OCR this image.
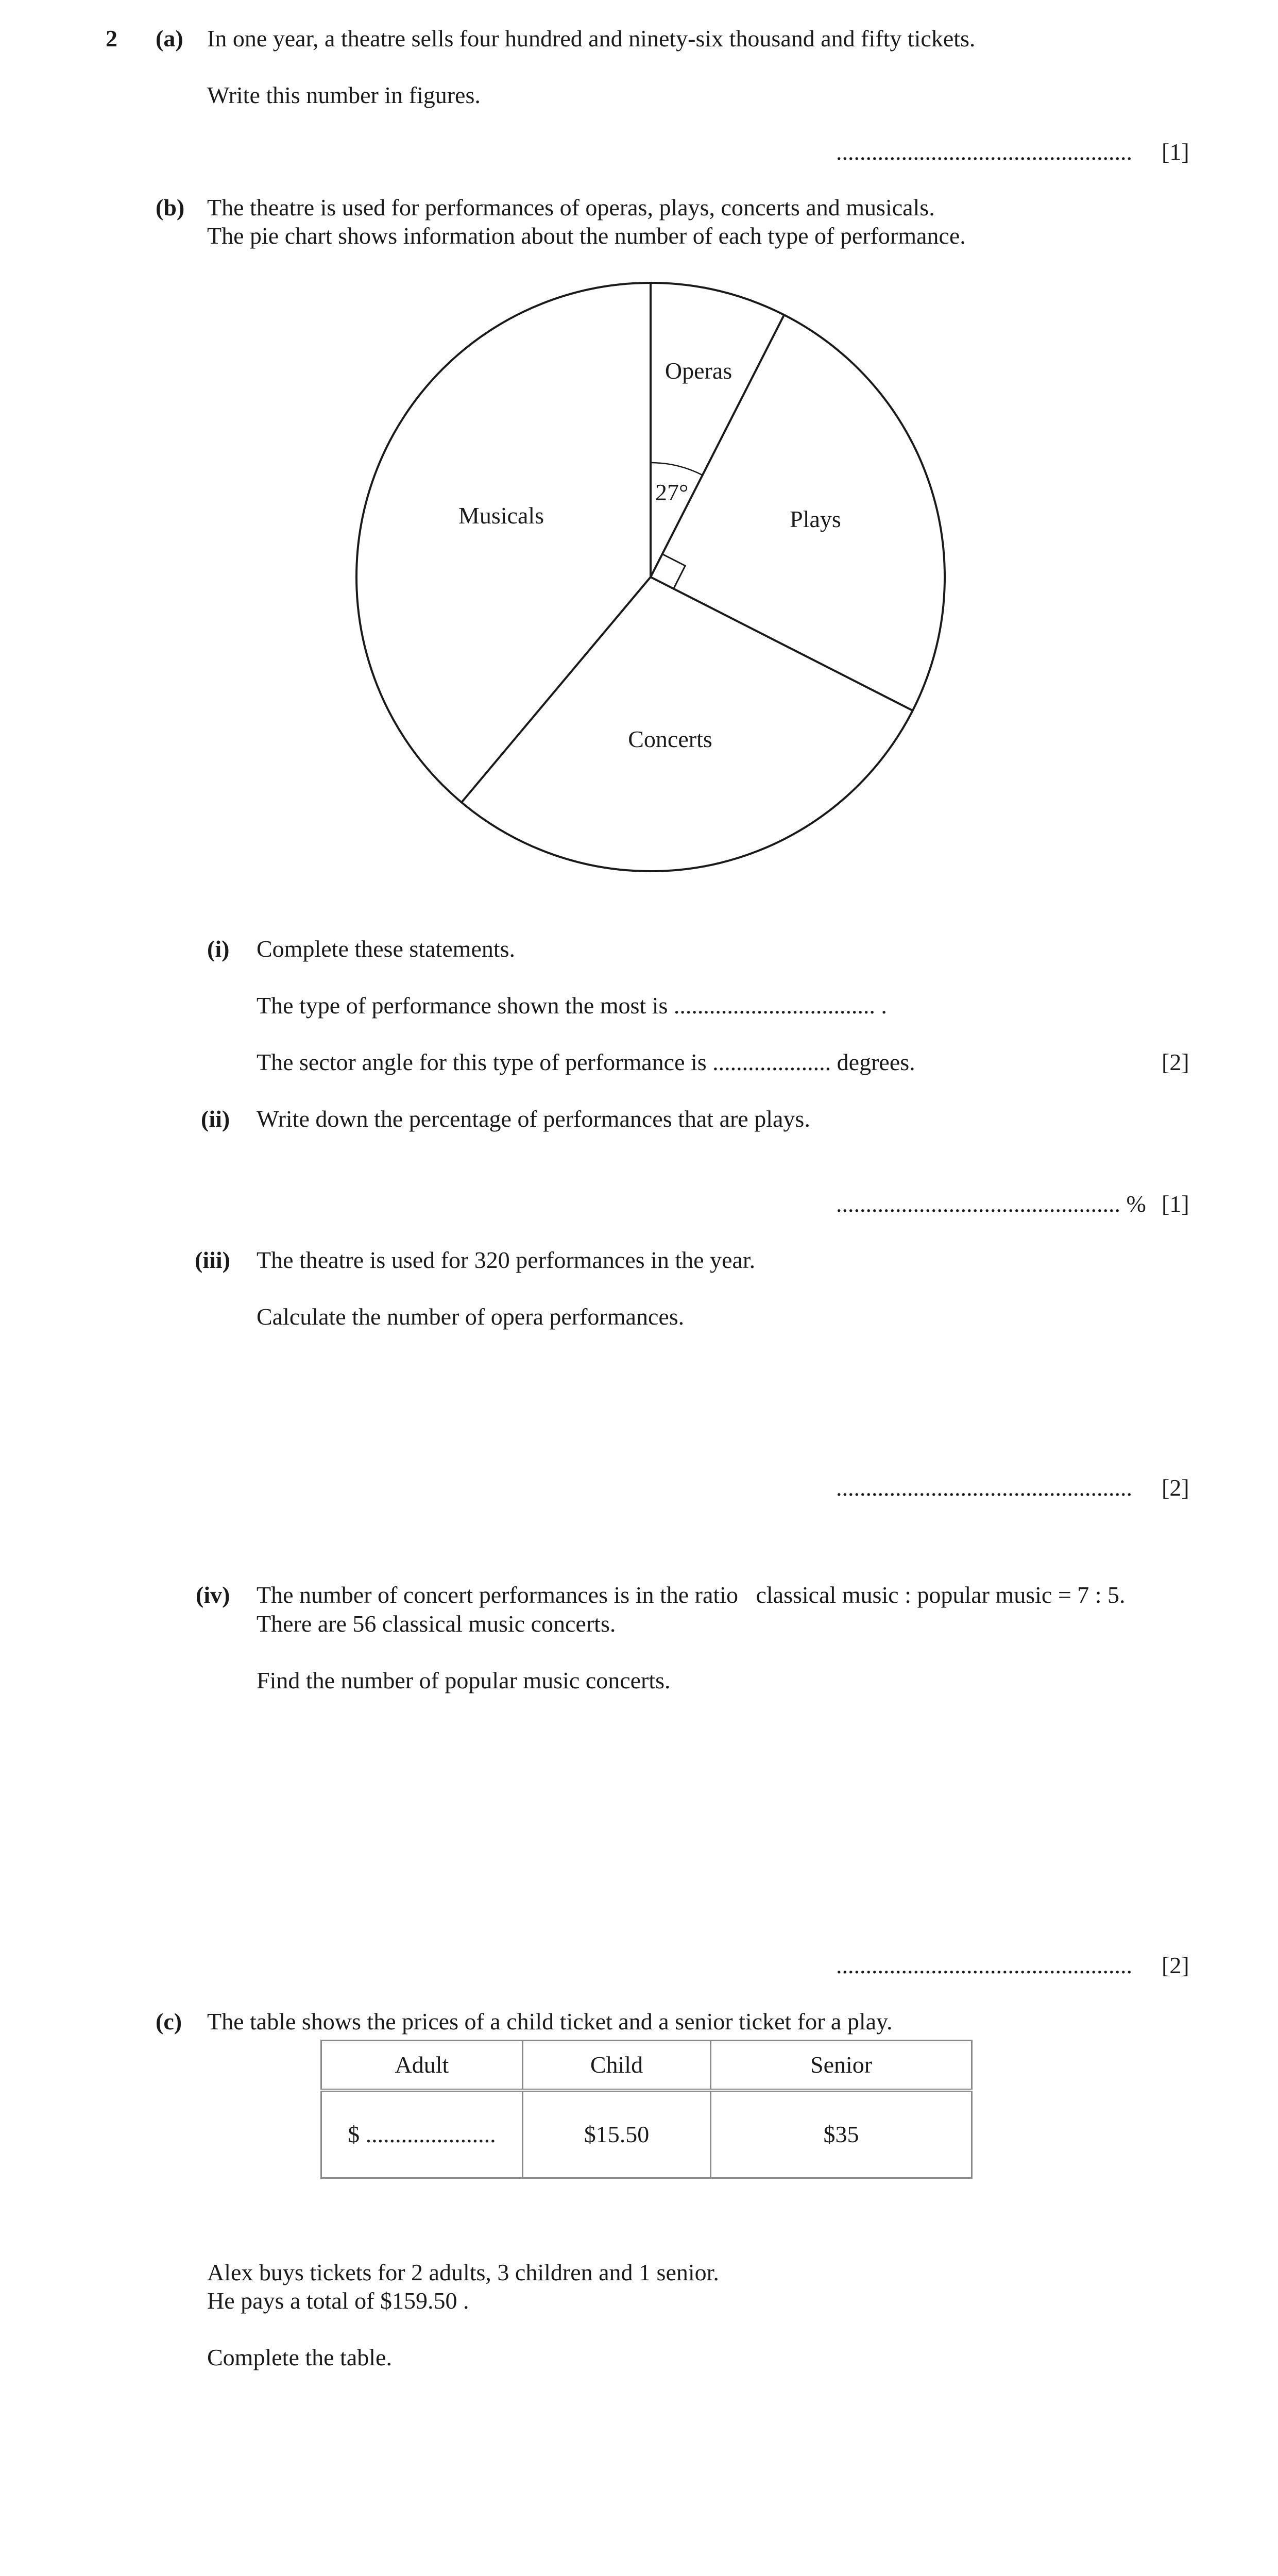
2 (a) In one year, a theatre sells four hundred and ninety-six thousand and fifty tickets.
Write this number in figures.
.................................................. [1]
(b) The theatre is used for performances of operas, plays, concerts and musicals.
The pie chart shows information about the number of each type of performance.
Operas
Plays
Concerts
Musicals
27°
(i) Complete these statements.
The type of performance shown the most is .................................. .
The sector angle for this type of performance is .................... degrees.	[2]
(ii) Write down the percentage of performances that are plays.
................................................ % [1]
(iii) The theatre is used for 320 performances in the year.
Calculate the number of opera performances.
.................................................. [2]
(iv) The number of concert performances is in the ratio   classical music : popular music = 7 : 5.
There are 56 classical music concerts.
Find the number of popular music concerts.
.................................................. [2]
(c) The table shows the prices of a child ticket and a senior ticket for a play.
Adult	Child	Senior
$ ......................	$15.50	$35
Alex buys tickets for 2 adults, 3 children and 1 senior.
He pays a total of $159.50 .
Complete the table.
